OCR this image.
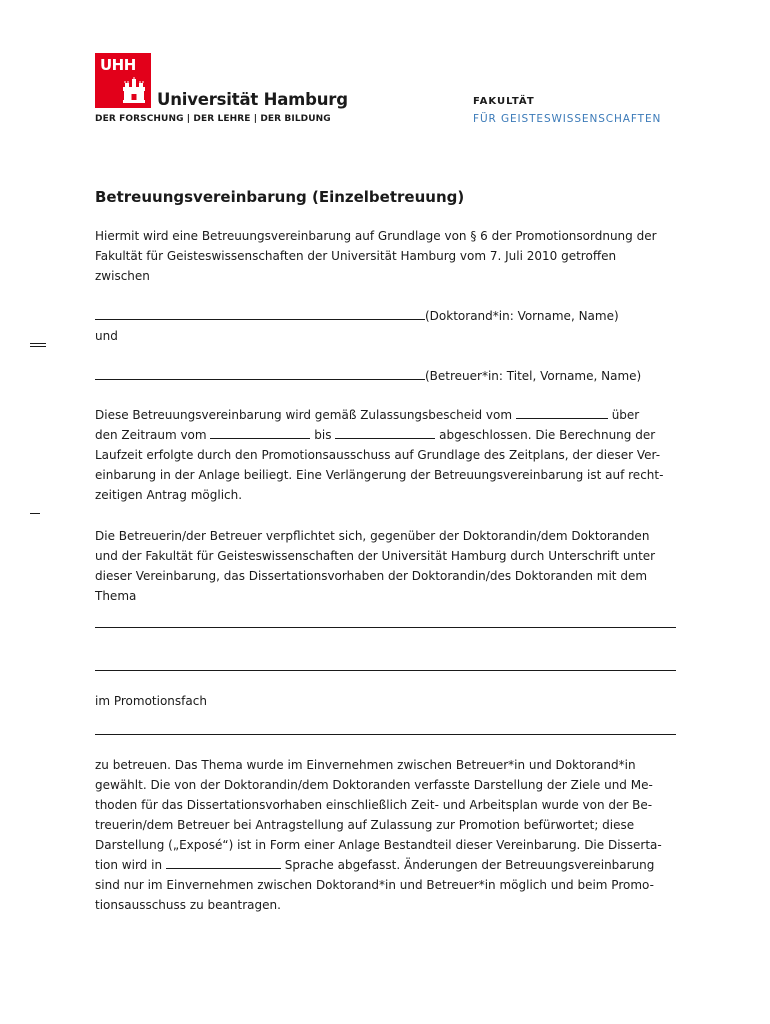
UHH
Universität Hamburg
DER FORSCHUNG | DER LEHRE | DER BILDUNG
FAKULTÄT
FÜR GEISTESWISSENSCHAFTEN
Betreuungsvereinbarung (Einzelbetreuung)

Hiermit wird eine Betreuungsvereinbarung auf Grundlage von § 6 der Promotionsordnung der

Fakultät für Geisteswissenschaften der Universität Hamburg vom 7. Juli 2010 getroffen

zwischen

(Doktorand*in: Vorname, Name)
und
(Betreuer*in: Titel, Vorname, Name)

Diese Betreuungsvereinbarung wird gemäß Zulassungsbescheid vom	über

den Zeitraum vom	bis	abgeschlossen. Die Berechnung der

Laufzeit erfolgte durch den Promotionsausschuss auf Grundlage des Zeitplans, der dieser Ver-

einbarung in der Anlage beiliegt. Eine Verlängerung der Betreuungsvereinbarung ist auf recht-

zeitigen Antrag möglich.

Die Betreuerin/der Betreuer verpflichtet sich, gegenüber der Doktorandin/dem Doktoranden

und der Fakultät für Geisteswissenschaften der Universität Hamburg durch Unterschrift unter

dieser Vereinbarung, das Dissertationsvorhaben der Doktorandin/des Doktoranden mit dem

Thema

im Promotionsfach

zu betreuen. Das Thema wurde im Einvernehmen zwischen Betreuer*in und Doktorand*in

gewählt. Die von der Doktorandin/dem Doktoranden verfasste Darstellung der Ziele und Me-

thoden für das Dissertationsvorhaben einschließlich Zeit- und Arbeitsplan wurde von der Be-

treuerin/dem Betreuer bei Antragstellung auf Zulassung zur Promotion befürwortet; diese

Darstellung („Exposé“) ist in Form einer Anlage Bestandteil dieser Vereinbarung. Die Disserta-

tion wird in	Sprache abgefasst. Änderungen der Betreuungsvereinbarung

sind nur im Einvernehmen zwischen Doktorand*in und Betreuer*in möglich und beim Promo-

tionsausschuss zu beantragen.
